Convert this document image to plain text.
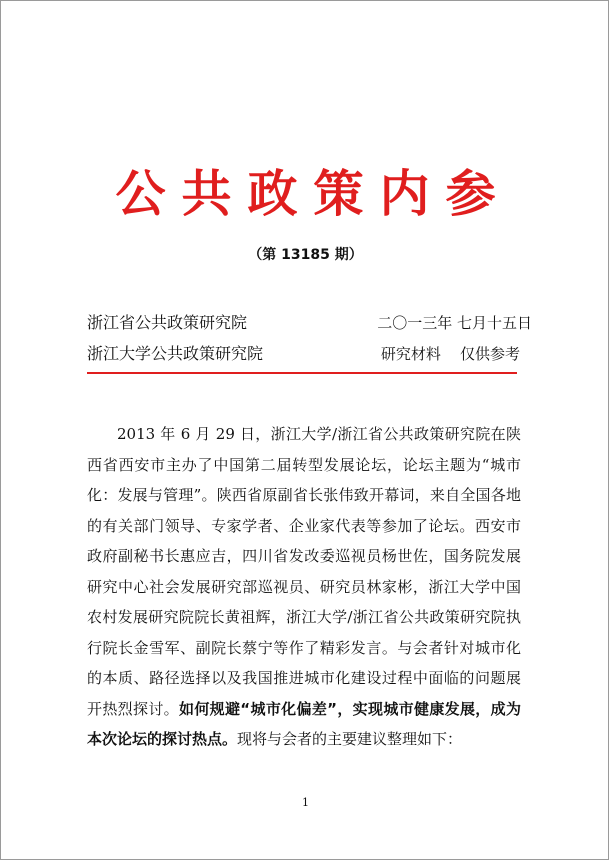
公共政策内参
（第 13185 期）
浙江省公共政策研究院	二〇一三年 七月十五日
浙江大学公共政策研究院	研究材料    仅供参考

2013 年 6 月 29 日，浙江大学/浙江省公共政策研究院在陕西省西安市主办了中国第二届转型发展论坛，论坛主题为“城市化：发展与管理”。陕西省原副省长张伟致开幕词，来自全国各地的有关部门领导、专家学者、企业家代表等参加了论坛。西安市政府副秘书长惠应吉，四川省发改委巡视员杨世佐，国务院发展研究中心社会发展研究部巡视员、研究员林家彬，浙江大学中国农村发展研究院院长黄祖辉，浙江大学/浙江省公共政策研究院执行院长金雪军、副院长蔡宁等作了精彩发言。与会者针对城市化的本质、路径选择以及我国推进城市化建设过程中面临的问题展开热烈探讨。如何规避“城市化偏差”，实现城市健康发展，成为本次论坛的探讨热点。现将与会者的主要建议整理如下：

1
